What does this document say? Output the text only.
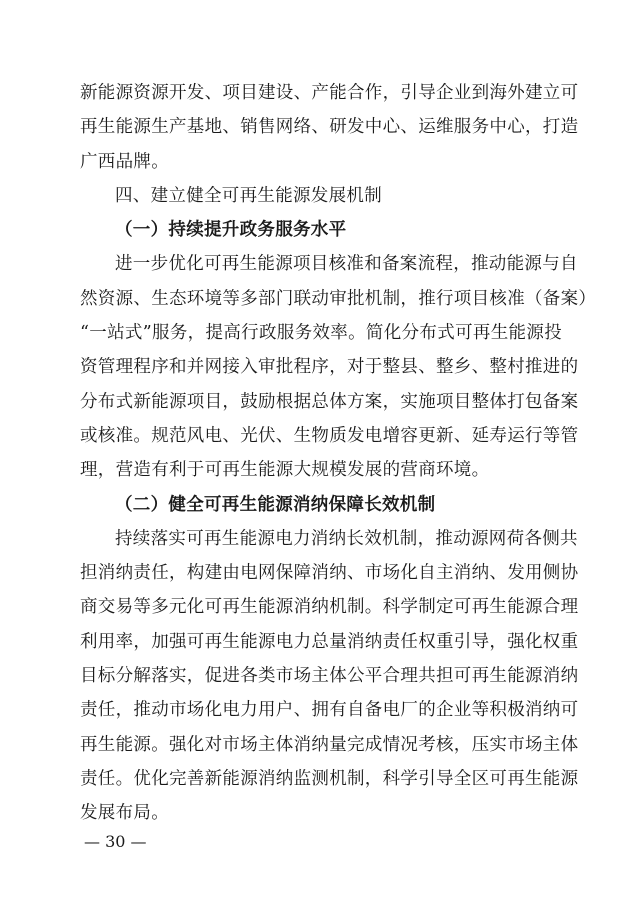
新能源资源开发、项目建设、产能合作，引导企业到海外建立可
再生能源生产基地、销售网络、研发中心、运维服务中心，打造
广西品牌。
四、建立健全可再生能源发展机制
（一）持续提升政务服务水平
进一步优化可再生能源项目核准和备案流程，推动能源与自
然资源、生态环境等多部门联动审批机制，推行项目核准（备案）
“一站式”服务，提高行政服务效率。简化分布式可再生能源投
资管理程序和并网接入审批程序，对于整县、整乡、整村推进的
分布式新能源项目，鼓励根据总体方案，实施项目整体打包备案
或核准。规范风电、光伏、生物质发电增容更新、延寿运行等管
理，营造有利于可再生能源大规模发展的营商环境。
（二）健全可再生能源消纳保障长效机制
持续落实可再生能源电力消纳长效机制，推动源网荷各侧共
担消纳责任，构建由电网保障消纳、市场化自主消纳、发用侧协
商交易等多元化可再生能源消纳机制。科学制定可再生能源合理
利用率，加强可再生能源电力总量消纳责任权重引导，强化权重
目标分解落实，促进各类市场主体公平合理共担可再生能源消纳
责任，推动市场化电力用户、拥有自备电厂的企业等积极消纳可
再生能源。强化对市场主体消纳量完成情况考核，压实市场主体
责任。优化完善新能源消纳监测机制，科学引导全区可再生能源
发展布局。
— 30 —
